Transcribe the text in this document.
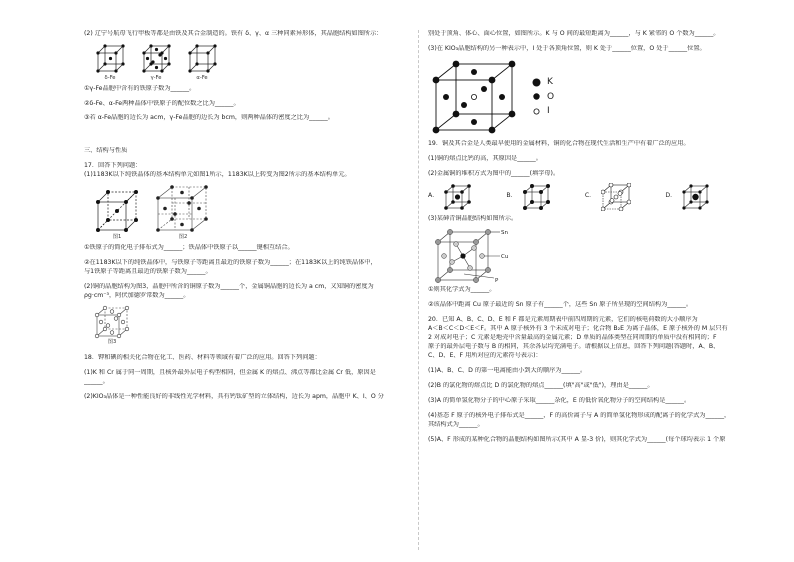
(2) 辽宁号航母飞行甲板等都是由铁及其合金制造的。铁有 δ、γ、α 三种同素异形体，其晶胞结构如图所示：

δ-Fe	γ-Fe	α-Fe

①γ-Fe晶胞中含有的铁原子数为______。

②δ-Fe、α-Fe两种晶体中铁原子的配位数之比为______。

③若 α-Fe晶胞的边长为 acm，γ-Fe晶胞的边长为 bcm，则两种晶体的密度之比为______。

三、结构与性质

17．回答下列问题：

(1)1183K以下纯铁晶体的基本结构单元如图1所示，1183K以上转变为图2所示的基本结构单元。

图1	图2

①铁原子的简化电子排布式为______；铁晶体中铁原子以______键相互结合。

②在1183K以下的纯铁晶体中，与铁原子等距离且最近的铁原子数为______；在1183K以上的纯铁晶体中，

与1铁原子等距离且最近的铁原子数为______。

(2)铜的晶胞结构为图3，晶胞中所含的铜原子数为______个，金属铜晶胞的边长为 a cm，又知铜的密度为

ρg·cm⁻³，阿伏加德罗常数为______。

图3

18．钾和碘的相关化合物在化工、医药、材料等领域有着广泛的应用。回答下列问题：

(1)K 和 Cr 属于同一周期，且核外最外层电子构型相同，但金属 K 的熔点、沸点等都比金属 Cr 低，原因是

______。

(2)KIO₃晶体是一种性能良好的非线性光学材料，具有钙钛矿型的立体结构，边长为 apm，晶胞中 K、I、O 分

别处于顶角、体心、面心位置，如图所示。K 与 O 间的最短距离为______，与 K 紧邻的 O 个数为______。

(3)在 KIO₃晶胞结构的另一种表示中，I 处于各顶角位置，则 K 处于______位置，O 处于______位置。

K
O
I

19．铜及其合金是人类最早使用的金属材料，铜的化合物在现代生活和生产中有着广泛的应用。

(1)铜的熔点比钙的高，其原因是______。

(2)金属铜的堆积方式为图中的______(填字母)。

A．	B．	C．	D．

(3)某砷青铜晶胞结构如图所示。

Sn
Cu
P

①则其化学式为______。

②该晶体中距离 Cu 原子最近的 Sn 原子有______个，这些 Sn 原子所呈现的空间结构为______。

20．已知 A、B、C、D、E 和 F 都是元素周期表中前四周期的元素，它们的核电荷数的大小顺序为

A＜B＜C＜D＜E＜F。其中 A 原子核外有 3 个未成对电子；化合物 B₂E 为离子晶体，E 原子核外的 M 层只有

2 对成对电子；C 元素是地壳中含量最高的金属元素；D 单质的晶体类型在同周期的单质中没有相同的；F

原子的最外层电子数与 B 的相同，其余各层均充满电子。请根据以上信息，回答下列问题(答题时，A、B、

C、D、E、F 用所对应的元素符号表示)：

(1)A、B、C、D 的第一电离能由小到大的顺序为______。

(2)B 的氯化物的熔点比 D 的氯化物的熔点______(填"高"或"低")，理由是______。

(3)A 的简单氢化物分子的中心原子采取______杂化，E 的低价氧化物分子的空间结构是______。

(4)基态 F 原子的核外电子排布式是______，F 的高价离子与 A 的简单氢化物形成的配离子的化学式为______，

其结构式为______。

(5)A、F 形成的某种化合物的晶胞结构如图所示(其中 A 显-3 价)，则其化学式为______(每个球均表示 1 个原
